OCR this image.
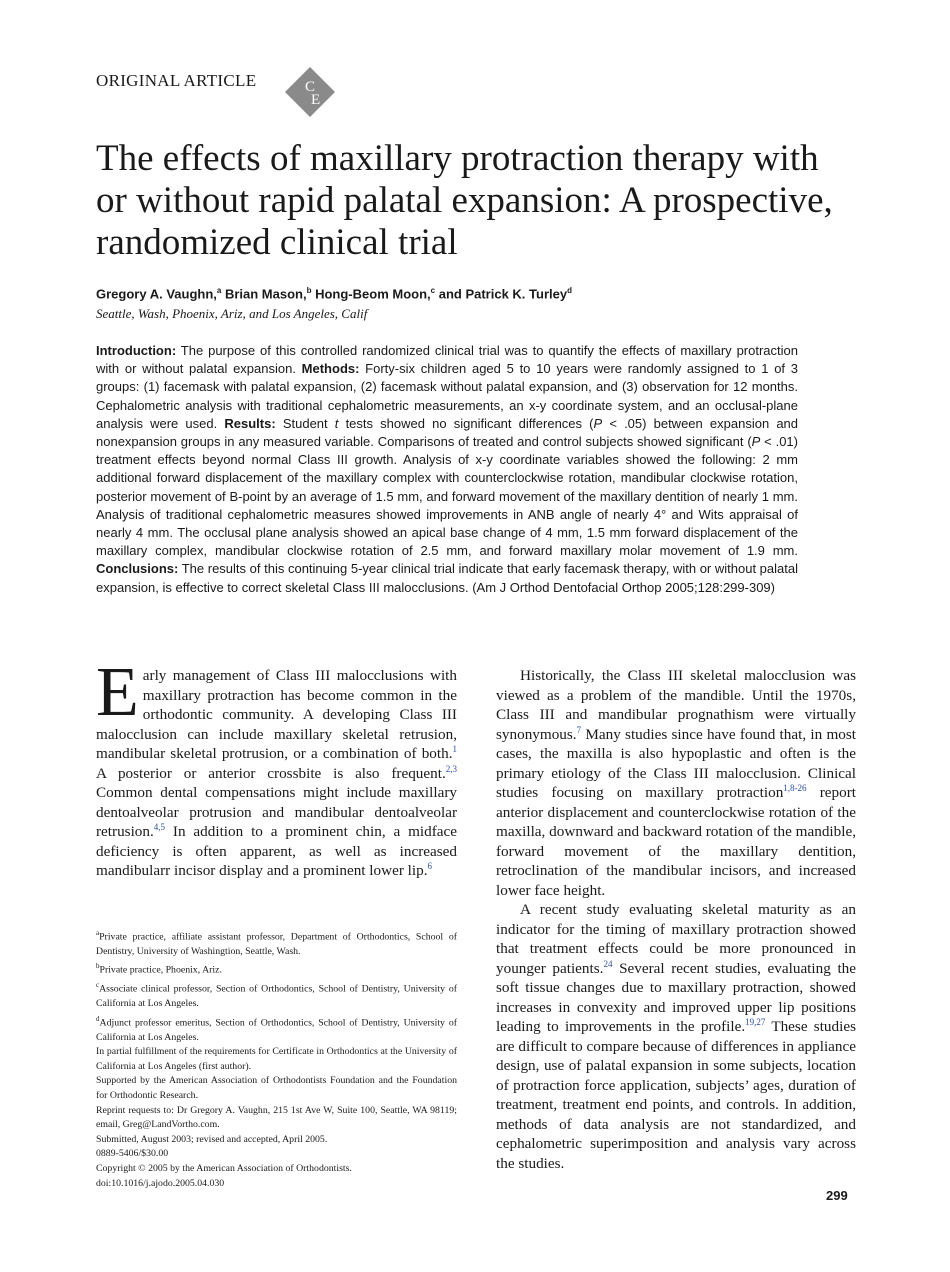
ORIGINAL ARTICLE	C
E
The effects of maxillary protraction therapy with or without rapid palatal expansion: A prospective, randomized clinical trial
Gregory A. Vaughn,$^a$ Brian Mason,$^b$ Hong-Beom Moon,$^c$ and Patrick K. Turley$^d$
Seattle, Wash, Phoenix, Ariz, and Los Angeles, Calif

Introduction: The purpose of this controlled randomized clinical trial was to quantify the effects of maxillary protraction with or without palatal expansion. Methods: Forty-six children aged 5 to 10 years were randomly assigned to 1 of 3 groups: (1) facemask with palatal expansion, (2) facemask without palatal expansion, and (3) observation for 12 months. Cephalometric analysis with traditional cephalometric measurements, an x-y coordinate system, and an occlusal-plane analysis were used. Results: Student t tests showed no significant differences (P < .05) between expansion and nonexpansion groups in any measured variable. Comparisons of treated and control subjects showed significant (P < .01) treatment effects beyond normal Class III growth. Analysis of x-y coordinate variables showed the following: 2 mm additional forward displacement of the maxillary complex with counterclockwise rotation, mandibular clockwise rotation, posterior movement of B-point by an average of 1.5 mm, and forward movement of the maxillary dentition of nearly 1 mm. Analysis of traditional cephalometric measures showed improvements in ANB angle of nearly 4° and Wits appraisal of nearly 4 mm. The occlusal plane analysis showed an apical base change of 4 mm, 1.5 mm forward displacement of the maxillary complex, mandibular clockwise rotation of 2.5 mm, and forward maxillary molar movement of 1.9 mm. Conclusions: The results of this continuing 5-year clinical trial indicate that early facemask therapy, with or without palatal expansion, is effective to correct skeletal Class III malocclusions. (Am J Orthod Dentofacial Orthop 2005;128:299-309)

Early management of Class III malocclusions with maxillary protraction has become common in the orthodontic community. A developing Class III malocclusion can include maxillary skeletal retrusion, mandibular skeletal protrusion, or a combination of both.$^1$ A posterior or anterior crossbite is also frequent.$^{2,3}$ Common dental compensations might include maxillary dentoalveolar protrusion and mandibular dentoalveolar retrusion.$^{4,5}$ In addition to a prominent chin, a midface deficiency is often apparent, as well as increased mandibularr incisor display and a prominent lower lip.$^6$

$^a$Private practice, affiliate assistant professor, Department of Orthodontics, School of Dentistry, University of Washingtion, Seattle, Wash.

$^b$Private practice, Phoenix, Ariz.

$^c$Associate clinical professor, Section of Orthodontics, School of Dentistry, University of California at Los Angeles.

$^d$Adjunct professor emeritus, Section of Orthodontics, School of Dentistry, University of California at Los Angeles.

In partial fulfillment of the requirements for Certificate in Orthodontics at the University of California at Los Angeles (first author).

Supported by the American Association of Orthodontists Foundation and the Foundation for Orthodontic Research.

Reprint requests to: Dr Gregory A. Vaughn, 215 1st Ave W, Suite 100, Seattle, WA 98119; email, Greg@LandVortho.com.

Submitted, August 2003; revised and accepted, April 2005.

0889-5406/$30.00

Copyright © 2005 by the American Association of Orthodontists.

doi:10.1016/j.ajodo.2005.04.030

Historically, the Class III skeletal malocclusion was viewed as a problem of the mandible. Until the 1970s, Class III and mandibular prognathism were virtually synonymous.$^7$ Many studies since have found that, in most cases, the maxilla is also hypoplastic and often is the primary etiology of the Class III malocclusion. Clinical studies focusing on maxillary protraction$^{1,8-26}$ report anterior displacement and counterclockwise rotation of the maxilla, downward and backward rotation of the mandible, forward movement of the maxillary dentition, retroclination of the mandibular incisors, and increased lower face height.

A recent study evaluating skeletal maturity as an indicator for the timing of maxillary protraction showed that treatment effects could be more pronounced in younger patients.$^{24}$ Several recent studies, evaluating the soft tissue changes due to maxillary protraction, showed increases in convexity and improved upper lip positions leading to improvements in the profile.$^{19,27}$ These studies are difficult to compare because of differences in appliance design, use of palatal expansion in some subjects, location of protraction force application, subjects’ ages, duration of treatment, treatment end points, and controls. In addition, methods of data analysis are not standardized, and cephalometric superimposition and analysis vary across the studies.

299
